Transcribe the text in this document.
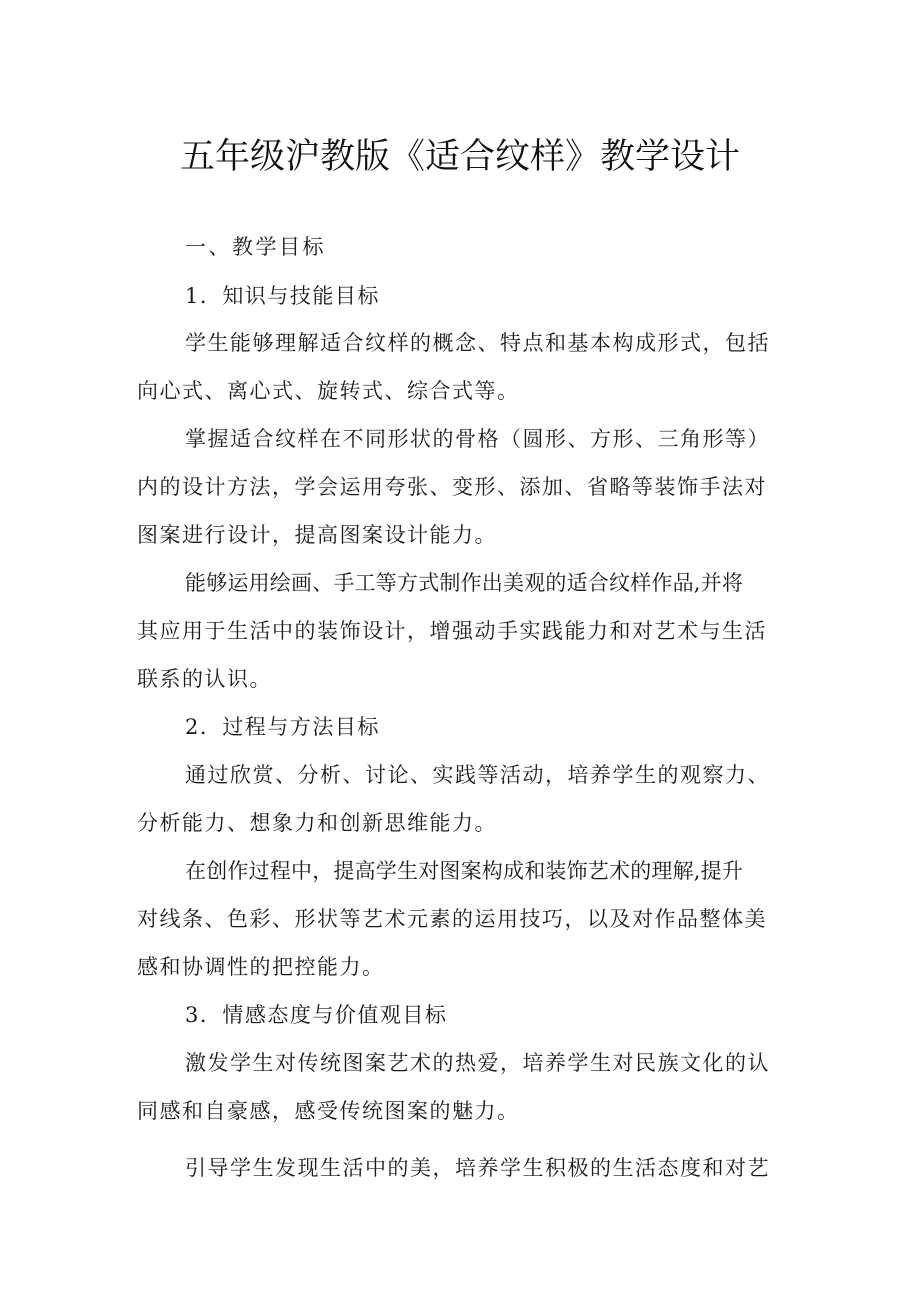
五年级沪教版《适合纹样》教学设计
一、教学目标
1．知识与技能目标
学生能够理解适合纹样的概念、特点和基本构成形式，包括
向心式、离心式、旋转式、综合式等。
掌握适合纹样在不同形状的骨格（圆形、方形、三角形等）
内的设计方法，学会运用夸张、变形、添加、省略等装饰手法对
图案进行设计，提高图案设计能力。
能够运用绘画、手工等方式制作出美观的适合纹样作品,并将
其应用于生活中的装饰设计，增强动手实践能力和对艺术与生活
联系的认识。
2．过程与方法目标
通过欣赏、分析、讨论、实践等活动，培养学生的观察力、
分析能力、想象力和创新思维能力。
在创作过程中，提高学生对图案构成和装饰艺术的理解,提升
对线条、色彩、形状等艺术元素的运用技巧，以及对作品整体美
感和协调性的把控能力。
3．情感态度与价值观目标
激发学生对传统图案艺术的热爱，培养学生对民族文化的认
同感和自豪感，感受传统图案的魅力。
引导学生发现生活中的美，培养学生积极的生活态度和对艺
